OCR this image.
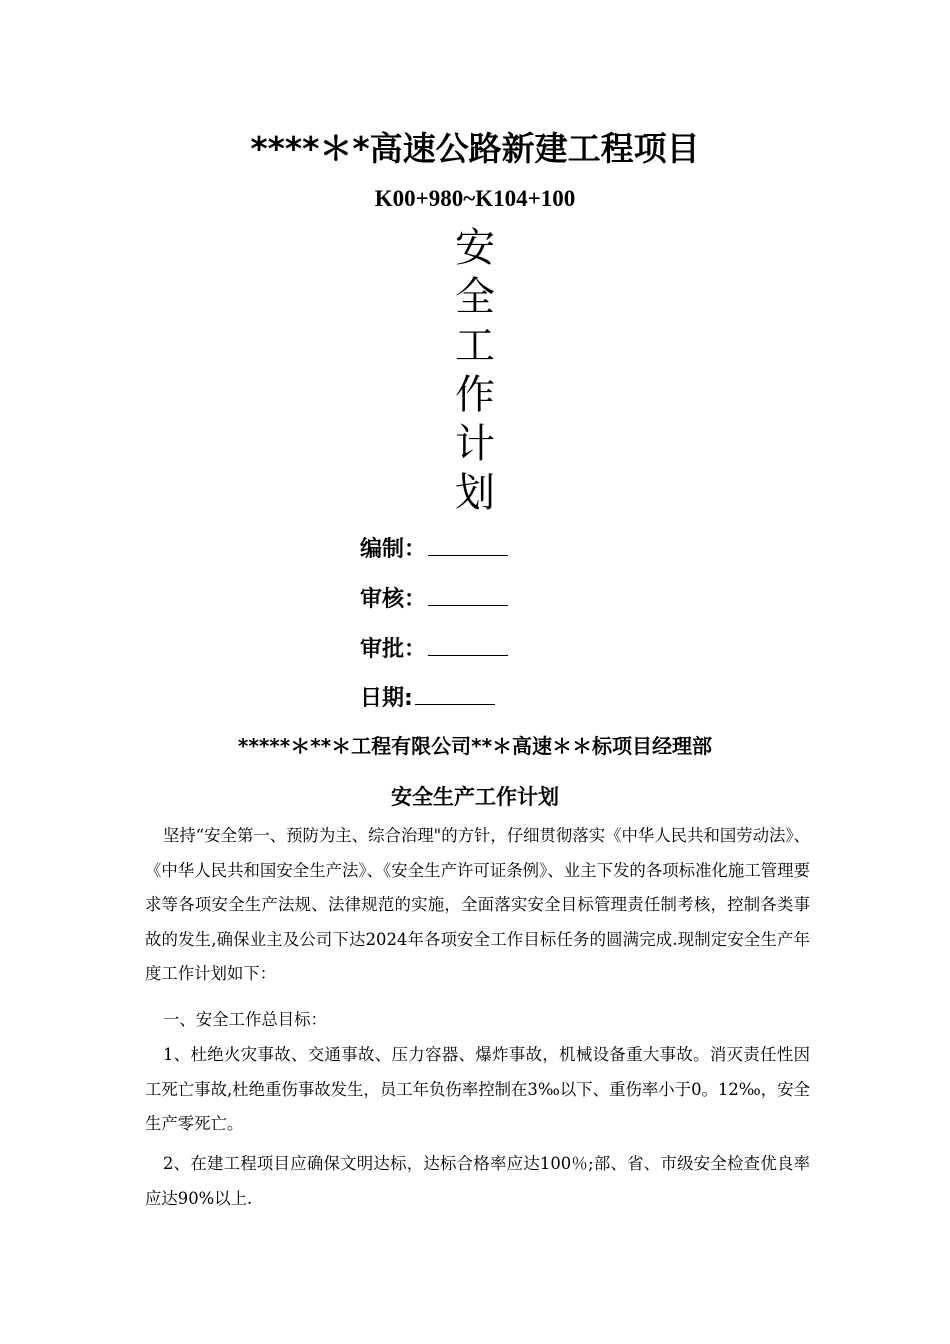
****＊*高速公路新建工程项目
K00+980~K104+100
安
全
工
作
计
划
编制：
审核：
审批：
日期:
*****＊**＊工程有限公司**＊高速＊＊标项目经理部
安全生产工作计划
坚持“安全第一、预防为主、综合治理"的方针，仔细贯彻落实《中华人民共和国劳动法》、《中华人民共和国安全生产法》、《安全生产许可证条例》、业主下发的各项标准化施工管理要求等各项安全生产法规、法律规范的实施，全面落实安全目标管理责任制考核，控制各类事故的发生,确保业主及公司下达2024年各项安全工作目标任务的圆满完成.现制定安全生产年度工作计划如下：
一、安全工作总目标：
1、杜绝火灾事故、交通事故、压力容器、爆炸事故，机械设备重大事故。消灭责任性因工死亡事故,杜绝重伤事故发生，员工年负伤率控制在3‰以下、重伤率小于0。12‰，安全生产零死亡。
2、在建工程项目应确保文明达标，达标合格率应达100％;部、省、市级安全检查优良率应达90%以上.
